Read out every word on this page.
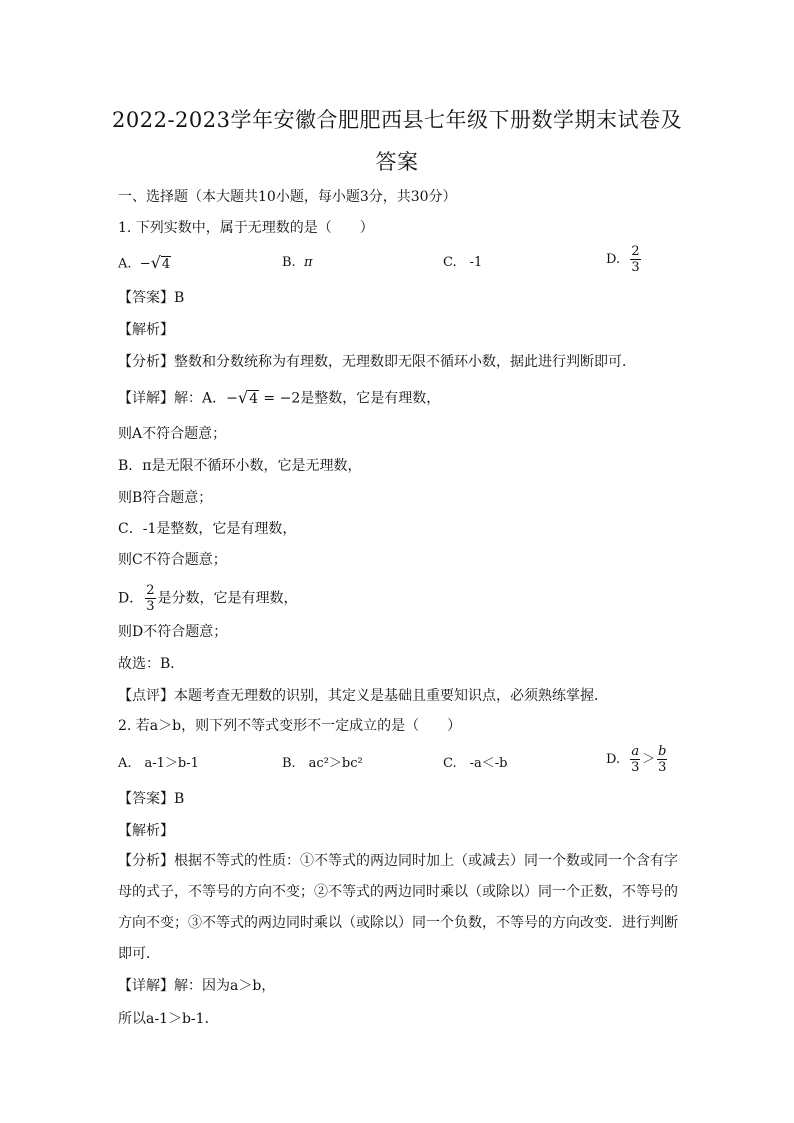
2022-2023学年安徽合肥肥西县七年级下册数学期末试卷及
答案
一、选择题（本大题共10小题，每小题3分，共30分）
1. 下列实数中，属于无理数的是（　　）
A. −√4	B. π	C.　-1	D. $\frac{2}{3}$
【答案】B
【解析】
【分析】整数和分数统称为有理数，无理数即无限不循环小数，据此进行判断即可．
【详解】解：A．−√4 = −2是整数，它是有理数，
则A不符合题意；
B．π是无限不循环小数，它是无理数，
则B符合题意；
C．-1是整数，它是有理数，
则C不符合题意；
D． $\frac{2}{3}$ 是分数，它是有理数，
则D不符合题意；
故选：B．
【点评】本题考查无理数的识别，其定义是基础且重要知识点，必须熟练掌握．
2. 若a＞b，则下列不等式变形不一定成立的是（　　）
A.　a-1＞b-1	B.　ac²＞bc²	C.　-a＜-b	D. $\frac{a}{3} > \frac{b}{3}$
【答案】B
【解析】
【分析】根据不等式的性质：①不等式的两边同时加上（或减去）同一个数或同一个含有字母的式子，不等号的方向不变；②不等式的两边同时乘以（或除以）同一个正数，不等号的方向不变；③不等式的两边同时乘以（或除以）同一个负数，不等号的方向改变．进行判断即可．
【详解】解：因为a＞b，
所以a-1＞b-1．
